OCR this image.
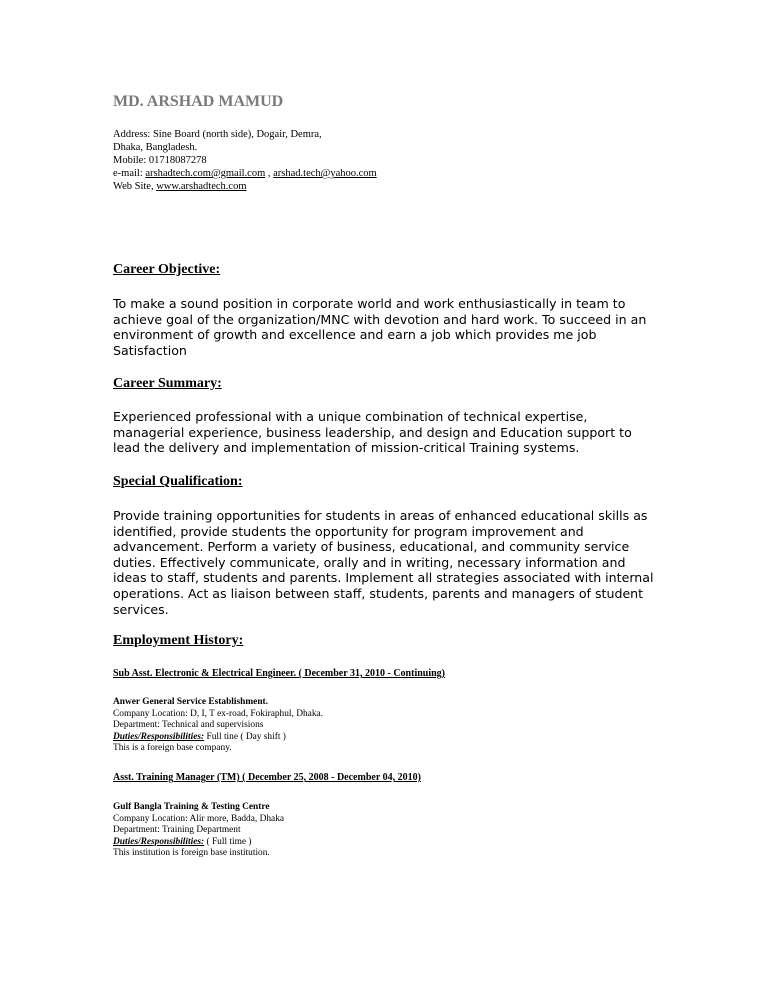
MD. ARSHAD MAMUD
Address: Sine Board (north side), Dogair, Demra,
Dhaka, Bangladesh.
Mobile: 01718087278
e-mail: arshadtech.com@gmail.com , arshad.tech@yahoo.com
Web Site, www.arshadtech.com
Career Objective:
To make a sound position in corporate world and work enthusiastically in team to achieve goal of the organization/MNC with devotion and hard work. To succeed in an environment of growth and excellence and earn a job which provides me job Satisfaction
Career Summary:
Experienced professional with a unique combination of technical expertise, managerial experience, business leadership, and design and Education support to lead the delivery and implementation of mission-critical Training systems.
Special Qualification:
Provide training opportunities for students in areas of enhanced educational skills as identified, provide students the opportunity for program improvement and advancement. Perform a variety of business, educational, and community service duties. Effectively communicate, orally and in writing, necessary information and ideas to staff, students and parents. Implement all strategies associated with internal operations. Act as liaison between staff, students, parents and managers of student services.
Employment History:
Sub Asst. Electronic & Electrical Engineer. ( December 31, 2010 - Continuing)
Anwer General Service Establishment.
Company Location: D, I, T ex-road, Fokiraphul, Dhaka.
Department: Technical and supervisions
Duties/Responsibilities: Full tine ( Day shift )
This is a foreign base company.
Asst. Training Manager (TM) ( December 25, 2008 - December 04, 2010)
Gulf Bangla Training & Testing Centre
Company Location: Alir more, Badda, Dhaka
Department: Training Department
Duties/Responsibilities: ( Full time )
This institution is foreign base institution.
